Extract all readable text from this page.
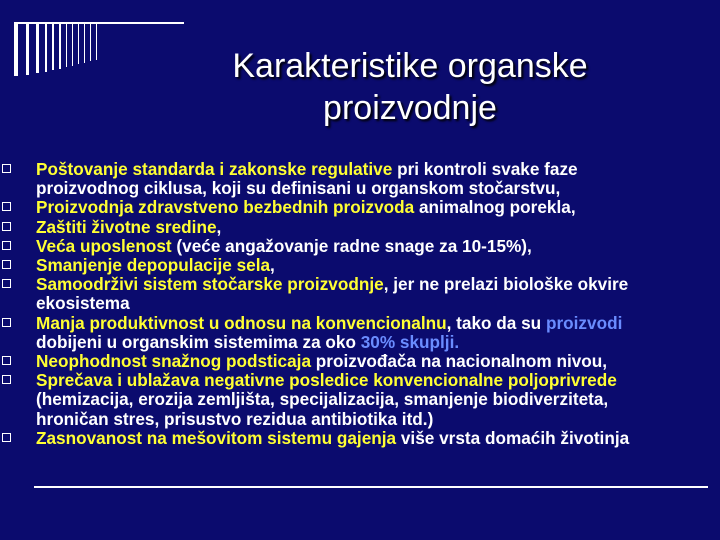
Karakteristike organske
proizvodnje
Poštovanje standarda i zakonske regulative pri kontroli svake faze
proizvodnog ciklusa, koji su definisani u organskom stočarstvu,
Proizvodnja zdravstveno bezbednih proizvoda animalnog porekla,
Zaštiti životne sredine,
Veća uposlenost (veće angažovanje radne snage za 10-15%),
Smanjenje depopulacije sela,
Samoodrživi sistem stočarske proizvodnje, jer ne prelazi biološke okvire
ekosistema
Manja produktivnost u odnosu na konvencionalnu, tako da su proizvodi
dobijeni u organskim sistemima za oko 30% skuplji.
Neophodnost snažnog podsticaja proizvođača na nacionalnom nivou,
Sprečava i ublažava negativne posledice konvencionalne poljoprivrede
(hemizacija, erozija zemljišta, specijalizacija, smanjenje biodiverziteta,
hroničan stres, prisustvo rezidua antibiotika itd.)
Zasnovanost na mešovitom sistemu gajenja više vrsta domaćih životinja
